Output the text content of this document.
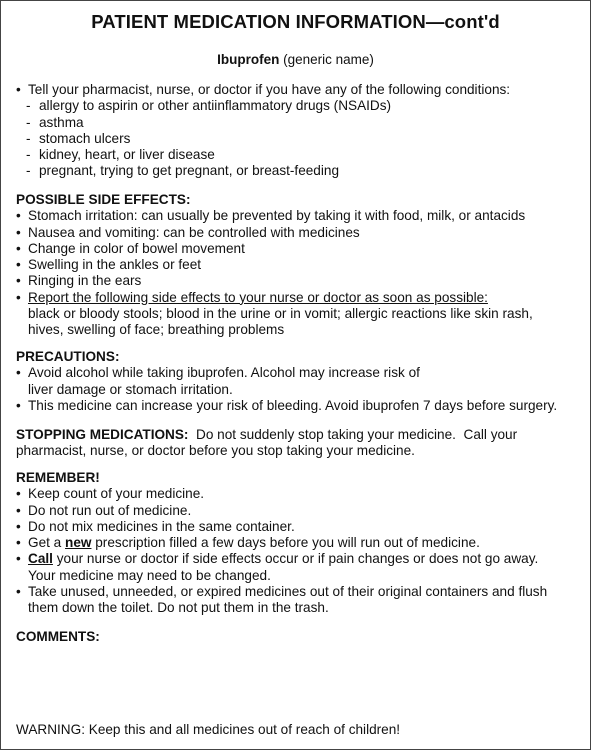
PATIENT MEDICATION INFORMATION—cont'd
Ibuprofen (generic name)
• Tell your pharmacist, nurse, or doctor if you have any of the following conditions:
- allergy to aspirin or other antiinflammatory drugs (NSAIDs)
- asthma
- stomach ulcers
- kidney, heart, or liver disease
- pregnant, trying to get pregnant, or breast-feeding
POSSIBLE SIDE EFFECTS:
• Stomach irritation: can usually be prevented by taking it with food, milk, or antacids
• Nausea and vomiting: can be controlled with medicines
• Change in color of bowel movement
• Swelling in the ankles or feet
• Ringing in the ears
• Report the following side effects to your nurse or doctor as soon as possible:
black or bloody stools; blood in the urine or in vomit; allergic reactions like skin rash,
hives, swelling of face; breathing problems
PRECAUTIONS:
• Avoid alcohol while taking ibuprofen. Alcohol may increase risk of
liver damage or stomach irritation.
• This medicine can increase your risk of bleeding. Avoid ibuprofen 7 days before surgery.
STOPPING MEDICATIONS:  Do not suddenly stop taking your medicine.  Call your
pharmacist, nurse, or doctor before you stop taking your medicine.
REMEMBER!
• Keep count of your medicine.
• Do not run out of medicine.
• Do not mix medicines in the same container.
• Get a new prescription filled a few days before you will run out of medicine.
• Call your nurse or doctor if side effects occur or if pain changes or does not go away.
Your medicine may need to be changed.
• Take unused, unneeded, or expired medicines out of their original containers and flush
them down the toilet. Do not put them in the trash.
COMMENTS:
WARNING: Keep this and all medicines out of reach of children!
